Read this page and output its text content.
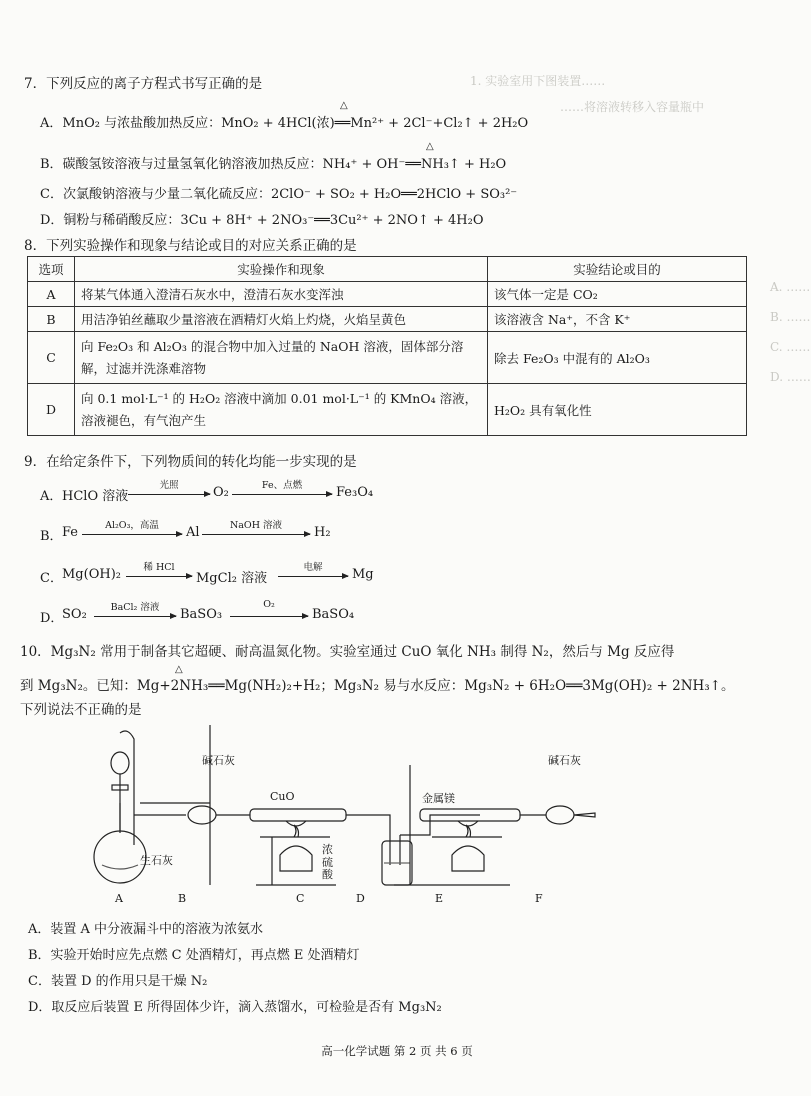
1. 实验室用下图装置……
……将溶液转移入容量瓶中
A. ……
B. ……
C. ……
D. ……
7．下列反应的离子方程式书写正确的是
A．MnO₂ 与浓盐酸加热反应：MnO₂ + 4HCl(浓)══Mn²⁺ + 2Cl⁻+Cl₂↑ + 2H₂O
△
B．碳酸氢铵溶液与过量氢氧化钠溶液加热反应：NH₄⁺ + OH⁻══NH₃↑ + H₂O
△
C．次氯酸钠溶液与少量二氧化硫反应：2ClO⁻ + SO₂ + H₂O══2HClO + SO₃²⁻
D．铜粉与稀硝酸反应：3Cu + 8H⁺ + 2NO₃⁻══3Cu²⁺ + 2NO↑ + 4H₂O
8．下列实验操作和现象与结论或目的对应关系正确的是
选项	实验操作和现象	实验结论或目的
A	将某气体通入澄清石灰水中，澄清石灰水变浑浊	该气体一定是 CO₂
B	用洁净铂丝蘸取少量溶液在酒精灯火焰上灼烧，火焰呈黄色	该溶液含 Na⁺，不含 K⁺
C	向 Fe₂O₃ 和 Al₂O₃ 的混合物中加入过量的 NaOH 溶液，固体部分溶解，过滤并洗涤难溶物	除去 Fe₂O₃ 中混有的 Al₂O₃
D	向 0.1 mol·L⁻¹ 的 H₂O₂ 溶液中滴加 0.01 mol·L⁻¹ 的 KMnO₄ 溶液，溶液褪色，有气泡产生	H₂O₂ 具有氧化性
9．在给定条件下，下列物质间的转化均能一步实现的是
A． HClO 溶液
光照	O₂	Fe、点燃	Fe₃O₄
B． Fe	Al₂O₃，高温	Al	NaOH 溶液	H₂
C． Mg(OH)₂	稀 HCl
MgCl₂ 溶液
电解	Mg
D．
SO₂	BaCl₂ 溶液	BaSO₃
O₂
BaSO₄
10．Mg₃N₂ 常用于制备其它超硬、耐高温氮化物。实验室通过 CuO 氧化 NH₃ 制得 N₂，然后与 Mg 反应得
到 Mg₃N₂。已知：Mg+2NH₃══Mg(NH₂)₂+H₂；Mg₃N₂ 易与水反应：Mg₃N₂ + 6H₂O══3Mg(OH)₂ + 2NH₃↑。
△
下列说法不正确的是
碱石灰
CuO	金属镁
碱石灰
生石灰
浓硫酸
A	B	C	D	E	F
A．装置 A 中分液漏斗中的溶液为浓氨水
B．实验开始时应先点燃 C 处酒精灯，再点燃 E 处酒精灯
C．装置 D 的作用只是干燥 N₂
D．取反应后装置 E 所得固体少许，滴入蒸馏水，可检验是否有 Mg₃N₂
高一化学试题 第 2 页 共 6 页
